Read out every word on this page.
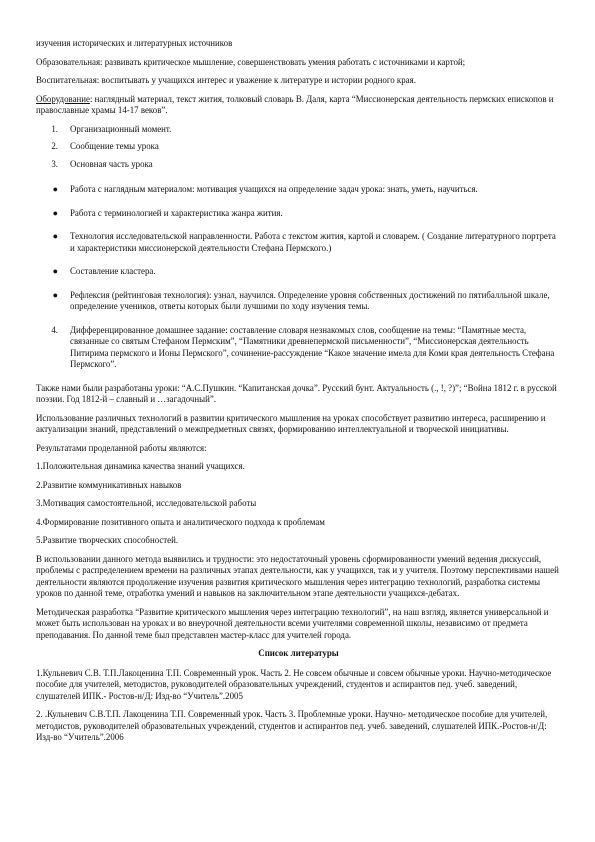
изучения исторических и литературных источников

Образовательная: развивать критическое мышление, совершенствовать умения работать с источниками и картой;

Воспитательная: воспитывать у учащихся интерес и уважение к литературе и истории родного края.

Оборудование: наглядный материал, текст жития, толковый словарь В. Даля, карта “Миссионерская деятельность пермских епископов и православные храмы 14-17 веков”.

1.	Организационный момент.
2.	Сообщение темы урока
3.	Основная часть урока
●	Работа с наглядным материалом: мотивация учащихся на определение задач урока: знать, уметь, научиться.
●	Работа с терминологией и характеристика жанра жития.
●	Технология исследовательской направленности. Работа с текстом жития, картой и словарем. ( Создание литературного портрета и характеристики миссионерской деятельности Стефана Пермского.)
●	Составление кластера.
●	Рефлексия (рейтинговая технология): узнал, научился. Определение уровня собственных достижений по пятибалльной шкале, определение учеников, ответы которых были лучшими по ходу изучения темы.
4.	Дифференцированное домашнее задание: составление словаря незнакомых слов, сообщение на темы: “Памятные места, связанные со святым Стефаном Пермским”, “Памятники древнепермской письменности”, “Миссионерская деятельность Питирима пермского и Ионы Пермского”, сочинение-рассуждение “Какое значение имела для Коми края деятельность Стефана Пермского”.

Также нами были разработаны уроки: “А.С.Пушкин. “Капитанская дочка”. Русский бунт. Актуальность (., !, ?)”; “Война 1812 г. в русской поэзии. Год 1812-й – славный и …загадочный”.

Использование различных технологий в развитии критического мышления на уроках способствует развитию интереса, расширению и актуализации знаний, представлений о межпредметных связях, формированию интеллектуальной и творческой инициативы.

Результатами проделанной работы являются:

1.Положительная динамика качества знаний учащихся.

2.Развитие коммуникативных навыков

3.Мотивация самостоятельной, исследовательской работы

4.Формирование позитивного опыта и аналитического подхода к проблемам

5.Развитие творческих способностей.

В использовании данного метода выявились и трудности: это недостаточный уровень сформированности умений ведения дискуссий, проблемы с распределением времени на различных этапах деятельности, как у учащихся, так и у учителя. Поэтому перспективами нашей деятельности являются продолжение изучения развития критического мышления через интеграцию технологий, разработка системы уроков по данной теме, отработка умений и навыков на заключительном этапе деятельности учащихся-дебатах.

Методическая разработка “Развитие критического мышления через интеграцию технологий”, на наш взгляд, является универсальной и может быть использован на уроках и во внеурочной деятельности всеми учителями современной школы, независимо от предмета преподавания. По данной теме был представлен мастер-класс для учителей города.

Список литературы

1.Кульневич С.В. Т.П.Лакоценина Т.П. Современный урок. Часть 2. Не совсем обычные и совсем обычные уроки. Научно-методическое пособие для учителей, методистов, руководителей образовательных учреждений, студентов и аспирантов пед. учеб. заведений, слушателей ИПК.- Ростов-н/Д: Изд-во “Учитель”.2005

2. .Кульневич С.В.Т.П. Лакоценина Т.П. Современный урок. Часть 3. Проблемные уроки. Научно- методическое пособие для учителей, методистов, руководителей образовательных учреждений, студентов и аспирантов пед. учеб. заведений, слушателей ИПК.-Ростов-н/Д: Изд-во “Учитель”.2006
